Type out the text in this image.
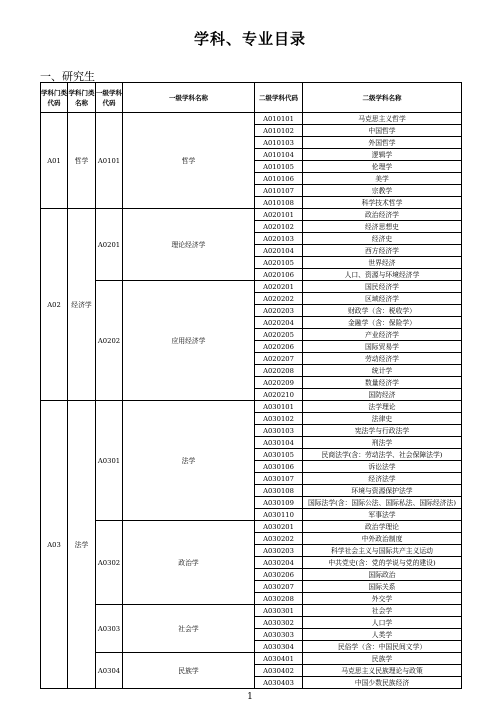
学科、专业目录
一、研究生
学科门类代码	学科门类名称	一级学科代码	一级学科名称	二级学科代码	二级学科名称
A01	哲学	A0101	哲学	A010101	马克思主义哲学
				A010102	中国哲学
				A010103	外国哲学
				A010104	逻辑学
				A010105	伦理学
				A010106	美学
				A010107	宗教学
				A010108	科学技术哲学
A02	经济学	A0201	理论经济学	A020101	政治经济学
				A020102	经济思想史
				A020103	经济史
				A020104	西方经济学
				A020105	世界经济
				A020106	人口、资源与环境经济学
		A0202	应用经济学	A020201	国民经济学
				A020202	区域经济学
				A020203	财政学（含：税收学）
				A020204	金融学（含：保险学）
				A020205	产业经济学
				A020206	国际贸易学
				A020207	劳动经济学
				A020208	统计学
				A020209	数量经济学
				A020210	国防经济
A03	法学	A0301	法学	A030101	法学理论
				A030102	法律史
				A030103	宪法学与行政法学
				A030104	刑法学
				A030105	民商法学(含：劳动法学、社会保障法学)
				A030106	诉讼法学
				A030107	经济法学
				A030108	环境与资源保护法学
				A030109	国际法学(含：国际公法、国际私法、国际经济法)
				A030110	军事法学
		A0302	政治学	A030201	政治学理论
				A030202	中外政治制度
				A030203	科学社会主义与国际共产主义运动
				A030204	中共党史(含：党的学说与党的建设)
				A030206	国际政治
				A030207	国际关系
				A030208	外交学
		A0303	社会学	A030301	社会学
				A030302	人口学
				A030303	人类学
				A030304	民俗学（含：中国民间文学）
		A0304	民族学	A030401	民族学
				A030402	马克思主义民族理论与政策
				A030403	中国少数民族经济
1
